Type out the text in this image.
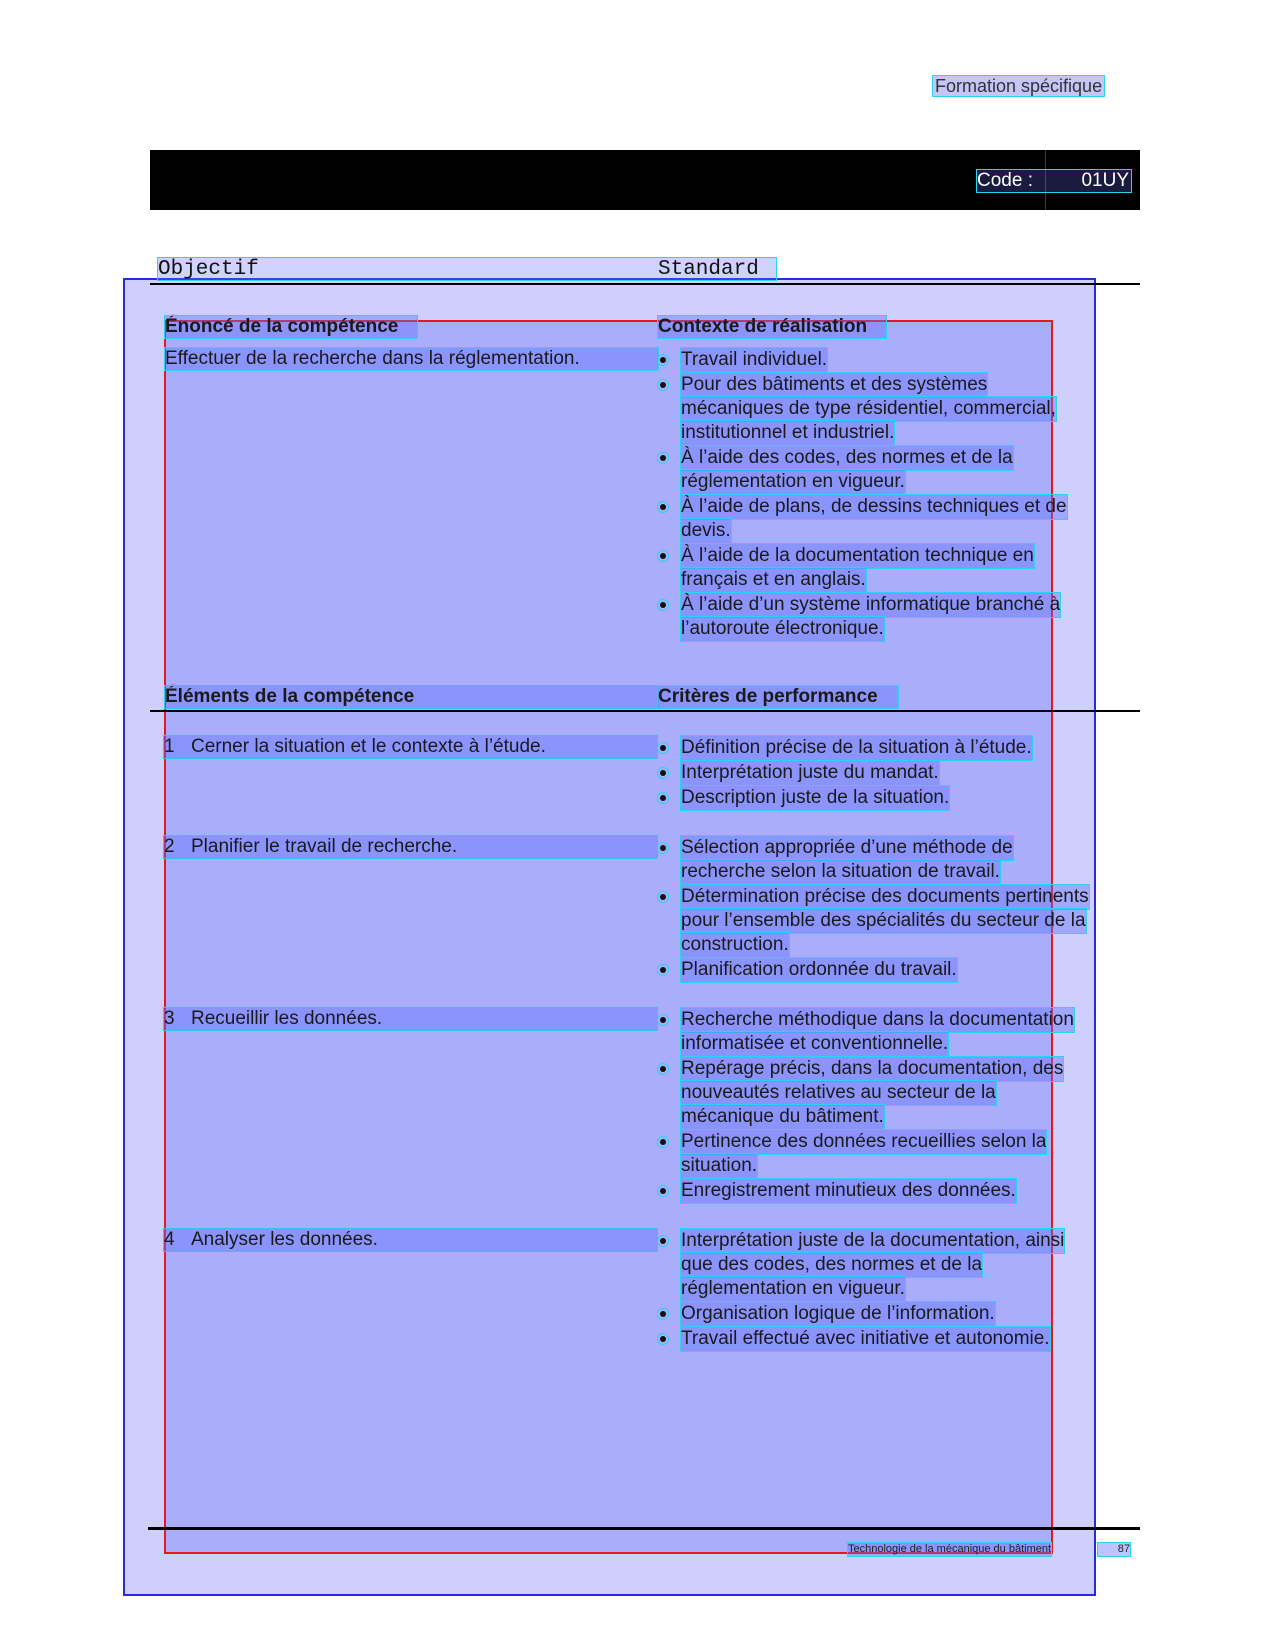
Formation spécifique
Code :	01UY
Objectif	Standard
Énoncé de la compétence	Contexte de réalisation
Effectuer de la recherche dans la réglementation.	Travail individuel.
Pour des bâtiments et des systèmes
mécaniques de type résidentiel, commercial,
institutionnel et industriel.
À l’aide des codes, des normes et de la
réglementation en vigueur.
À l’aide de plans, de dessins techniques et de
devis.
À l’aide de la documentation technique en
français et en anglais.
À l’aide d’un système informatique branché à
l’autoroute électronique.
Éléments de la compétence	Critères de performance
1 Cerner la situation et le contexte à l’étude.	Définition précise de la situation à l’étude.
Interprétation juste du mandat.
Description juste de la situation.
2 Planifier le travail de recherche.	Sélection appropriée d’une méthode de
recherche selon la situation de travail.
Détermination précise des documents pertinents
pour l’ensemble des spécialités du secteur de la
construction.
Planification ordonnée du travail.
3 Recueillir les données.	Recherche méthodique dans la documentation
informatisée et conventionnelle.
Repérage précis, dans la documentation, des
nouveautés relatives au secteur de la
mécanique du bâtiment.
Pertinence des données recueillies selon la
situation.
Enregistrement minutieux des données.
4 Analyser les données.	Interprétation juste de la documentation, ainsi
que des codes, des normes et de la
réglementation en vigueur.
Organisation logique de l’information.
Travail effectué avec initiative et autonomie.
Technologie de la mécanique du bâtiment	87
